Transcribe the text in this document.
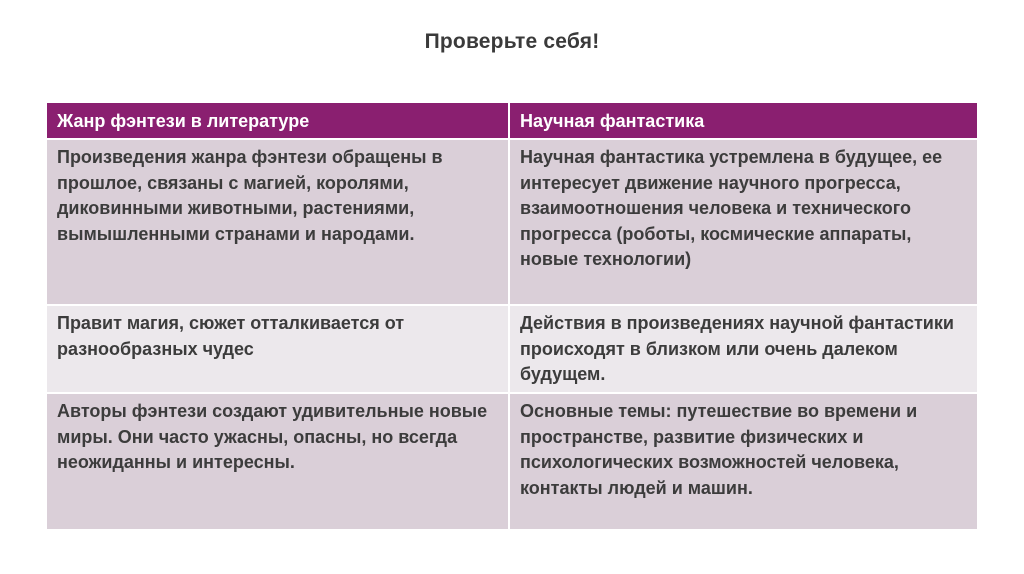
Проверьте себя!
Жанр фэнтези в литературе	Научная фантастика
Произведения жанра фэнтези обращены в прошлое, связаны с магией, королями, диковинными животными, растениями, вымышленными странами и народами.	Научная фантастика устремлена в будущее, ее интересует движение научного прогресса, взаимоотношения человека и технического прогресса (роботы, космические аппараты, новые технологии)
Правит магия, сюжет отталкивается от разнообразных чудес	Действия в произведениях научной фантастики происходят в близком или очень далеком будущем.
Авторы фэнтези создают удивительные новые миры. Они часто ужасны, опасны, но всегда неожиданны и интересны.	Основные темы: путешествие во времени и пространстве, развитие физических и психологических возможностей человека, контакты людей и машин.
